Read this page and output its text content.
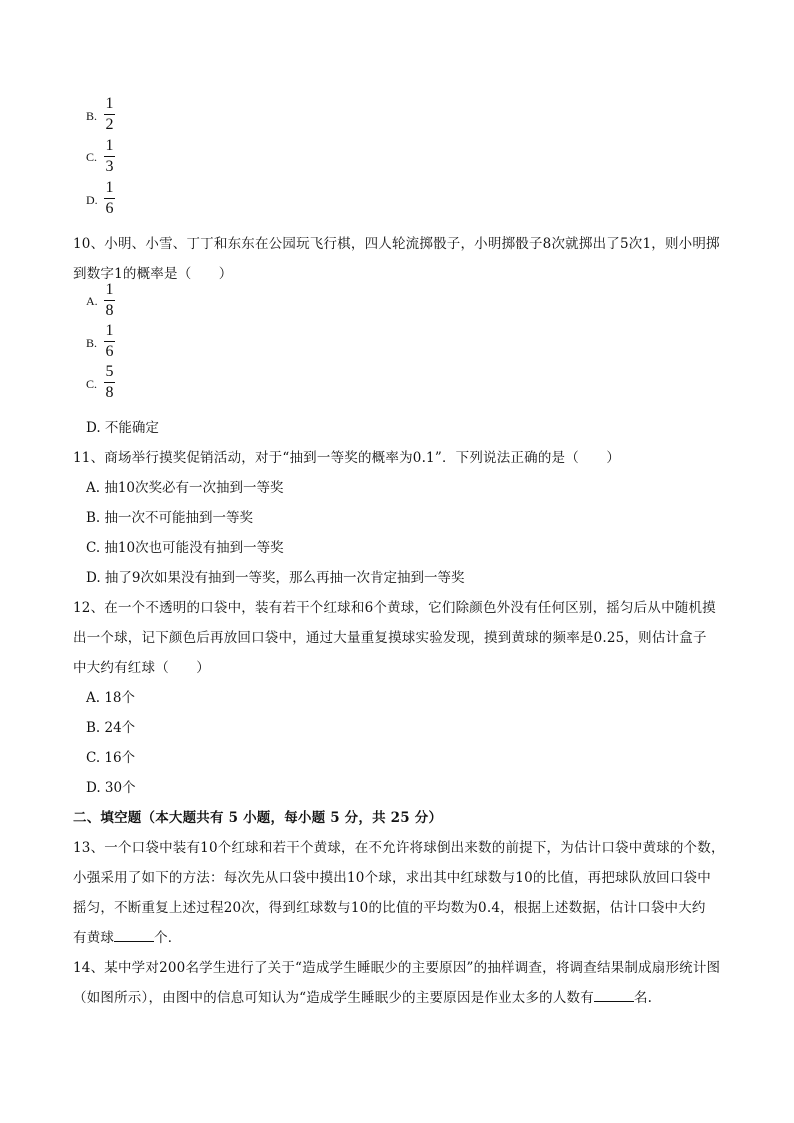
B.
1
2
C.
1
3
D.
1
6
10、小明、小雪、丁丁和东东在公园玩飞行棋，四人轮流掷骰子，小明掷骰子8次就掷出了5次1，则小明掷
到数字1的概率是（　　）
A.
1
8
B.
1
6
C.
5
8
D. 不能确定
11、商场举行摸奖促销活动，对于“抽到一等奖的概率为0.1”．下列说法正确的是（　　）
A. 抽10次奖必有一次抽到一等奖
B. 抽一次不可能抽到一等奖
C. 抽10次也可能没有抽到一等奖
D. 抽了9次如果没有抽到一等奖，那么再抽一次肯定抽到一等奖
12、在一个不透明的口袋中，装有若干个红球和6个黄球，它们除颜色外没有任何区别，摇匀后从中随机摸
出一个球，记下颜色后再放回口袋中，通过大量重复摸球实验发现，摸到黄球的频率是0.25，则估计盒子
中大约有红球（　　）
A. 18个
B. 24个
C. 16个
D. 30个
二、填空题（本大题共有 5 小题，每小题 5 分，共 25 分）
13、一个口袋中装有10个红球和若干个黄球，在不允许将球倒出来数的前提下，为估计口袋中黄球的个数，
小强采用了如下的方法：每次先从口袋中摸出10个球，求出其中红球数与10的比值，再把球队放回口袋中
摇匀，不断重复上述过程20次，得到红球数与10的比值的平均数为0.4，根据上述数据，估计口袋中大约
有黄球	个．
14、某中学对200名学生进行了关于“造成学生睡眠少的主要原因”的抽样调查，将调查结果制成扇形统计图
（如图所示），由图中的信息可知认为“造成学生睡眠少的主要原因是作业太多的人数有	名.
